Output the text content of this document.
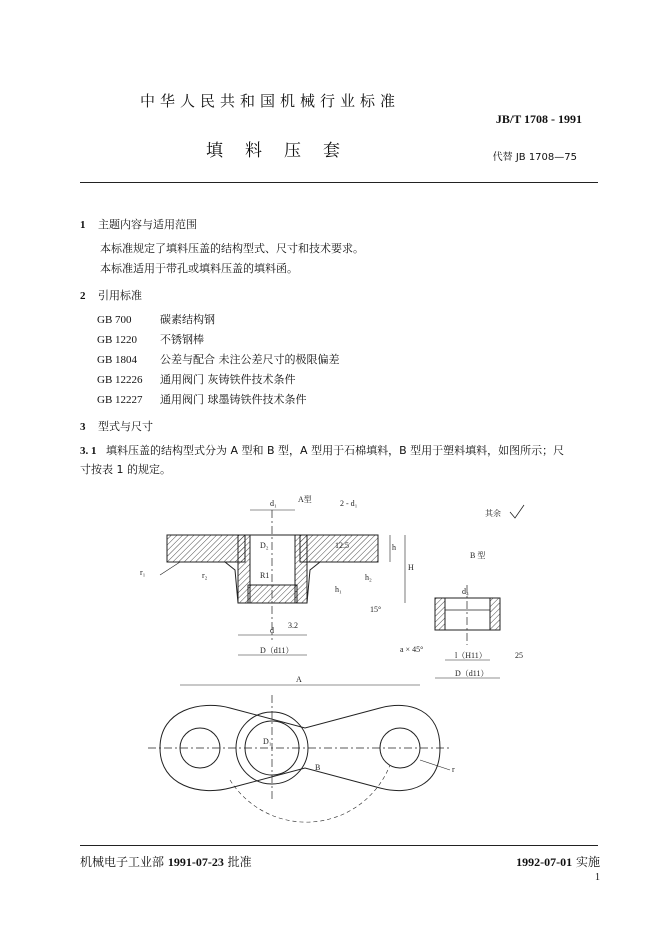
中华人民共和国机械行业标准
JB/T 1708 - 1991
填料压套	代替 JB 1708—75
1 主题内容与适用范围
本标准规定了填料压盖的结构型式、尺寸和技术要求。
本标准适用于带孔或填料压盖的填料函。
2 引用标准
GB 700	碳素结构钢
GB 1220 不锈钢棒
GB 1804 公差与配合 未注公差尺寸的极限偏差
GB 12226 通用阀门 灰铸铁件技术条件
GB 12227 通用阀门 球墨铸铁件技术条件
3 型式与尺寸
3. 1 填料压盖的结构型式分为 A 型和 B 型，A 型用于石棉填料，B 型用于塑料填料，如图所示；尺
寸按表 1 的规定。
A型
d₁	2 - d₁
D₂
R1
d
D（d11）
H
h
h₂
h₁
15°
r₁	r₂
3.2
12.5
其余
B 型
d₄
a × 45°
l（H11）
D（d11）
25
A
D₁
B	r
机械电子工业部 1991-07-23 批准	1992-07-01 实施
1
